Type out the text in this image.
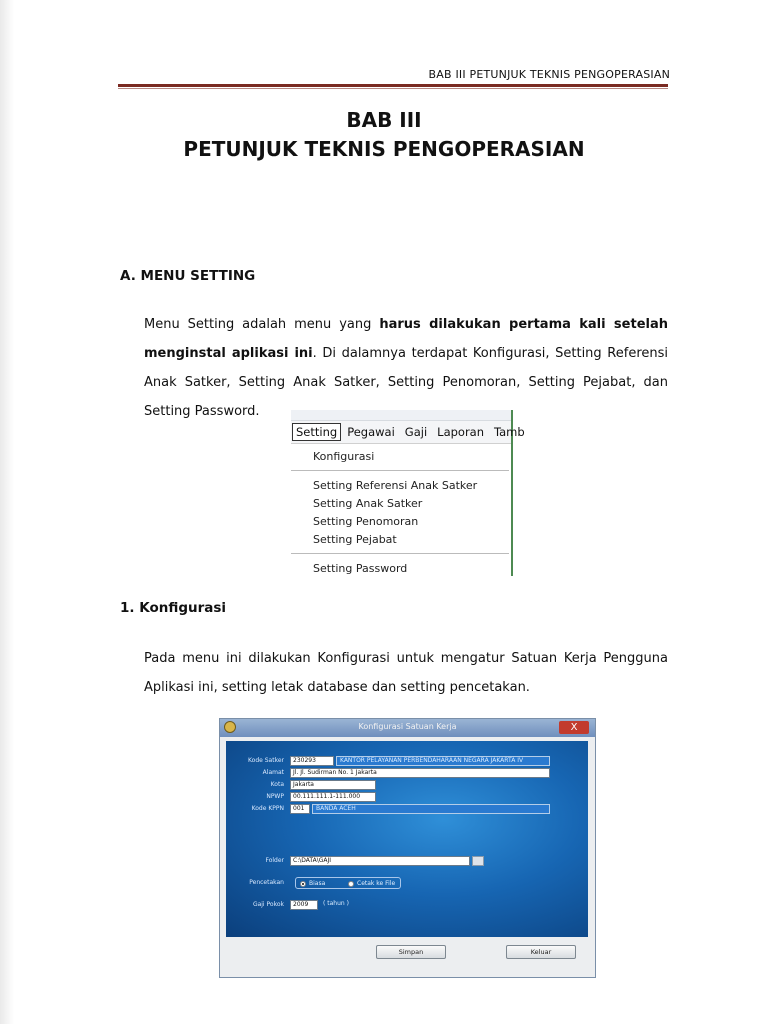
BAB III PETUNJUK TEKNIS PENGOPERASIAN
BAB III
PETUNJUK TEKNIS PENGOPERASIAN
A. MENU SETTING
Menu Setting adalah menu yang harus dilakukan pertama kali setelah menginstal aplikasi ini. Di dalamnya terdapat Konfigurasi, Setting Referensi Anak Satker, Setting Anak Satker, Setting Penomoran, Setting Pejabat, dan Setting Password.
Setting Pegawai Gaji Laporan Tamb
Konfigurasi
Setting Referensi Anak Satker
Setting Anak Satker
Setting Penomoran
Setting Pejabat
Setting Password
1. Konfigurasi
Pada menu ini dilakukan Konfigurasi untuk mengatur Satuan Kerja Pengguna Aplikasi ini, setting letak database dan setting pencetakan.
Konfigurasi Satuan Kerja	X
Kode Satker	230293	KANTOR PELAYANAN PERBENDAHARAAN NEGARA JAKARTA IV
Alamat	Jl. Jl. Sudirman No. 1 Jakarta
Kota	Jakarta
NPWP	00.111.111.1-111.000
Kode KPPN	001	BANDA ACEH
Folder	C:\DATA\GAJI
Pencetakan	Biasa	Cetak ke File
Gaji Pokok	2009	( tahun )
Simpan	Keluar
